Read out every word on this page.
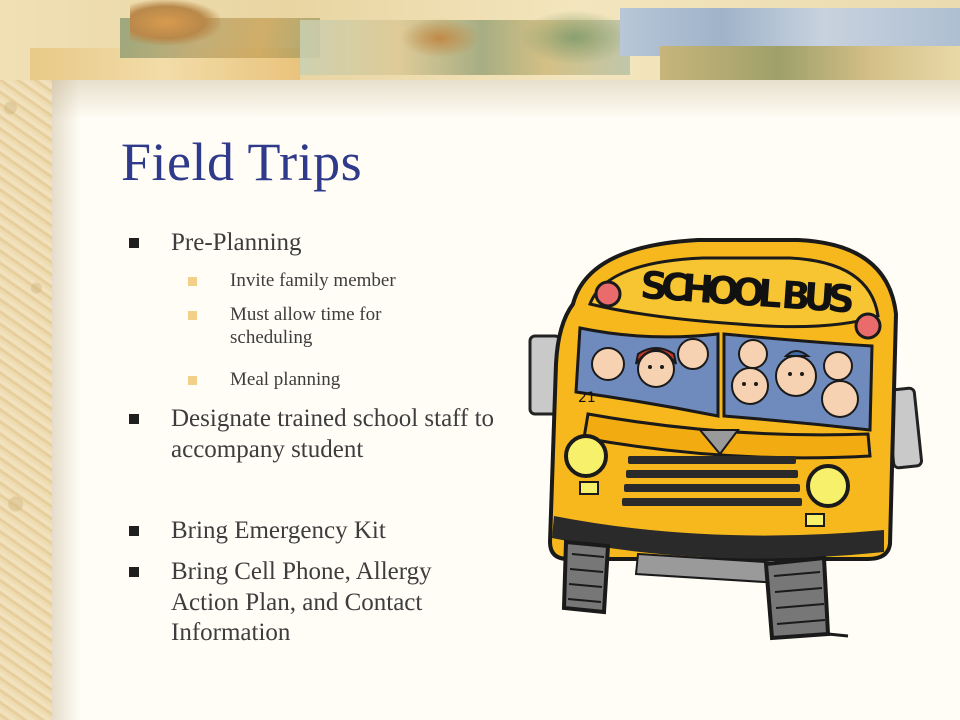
Field Trips
Pre-Planning
Invite family member
Must allow time for scheduling
Meal planning
Designate trained school staff to accompany student
Bring Emergency Kit
Bring Cell Phone, Allergy Action Plan, and Contact Information
SCHOOL BUS
21
